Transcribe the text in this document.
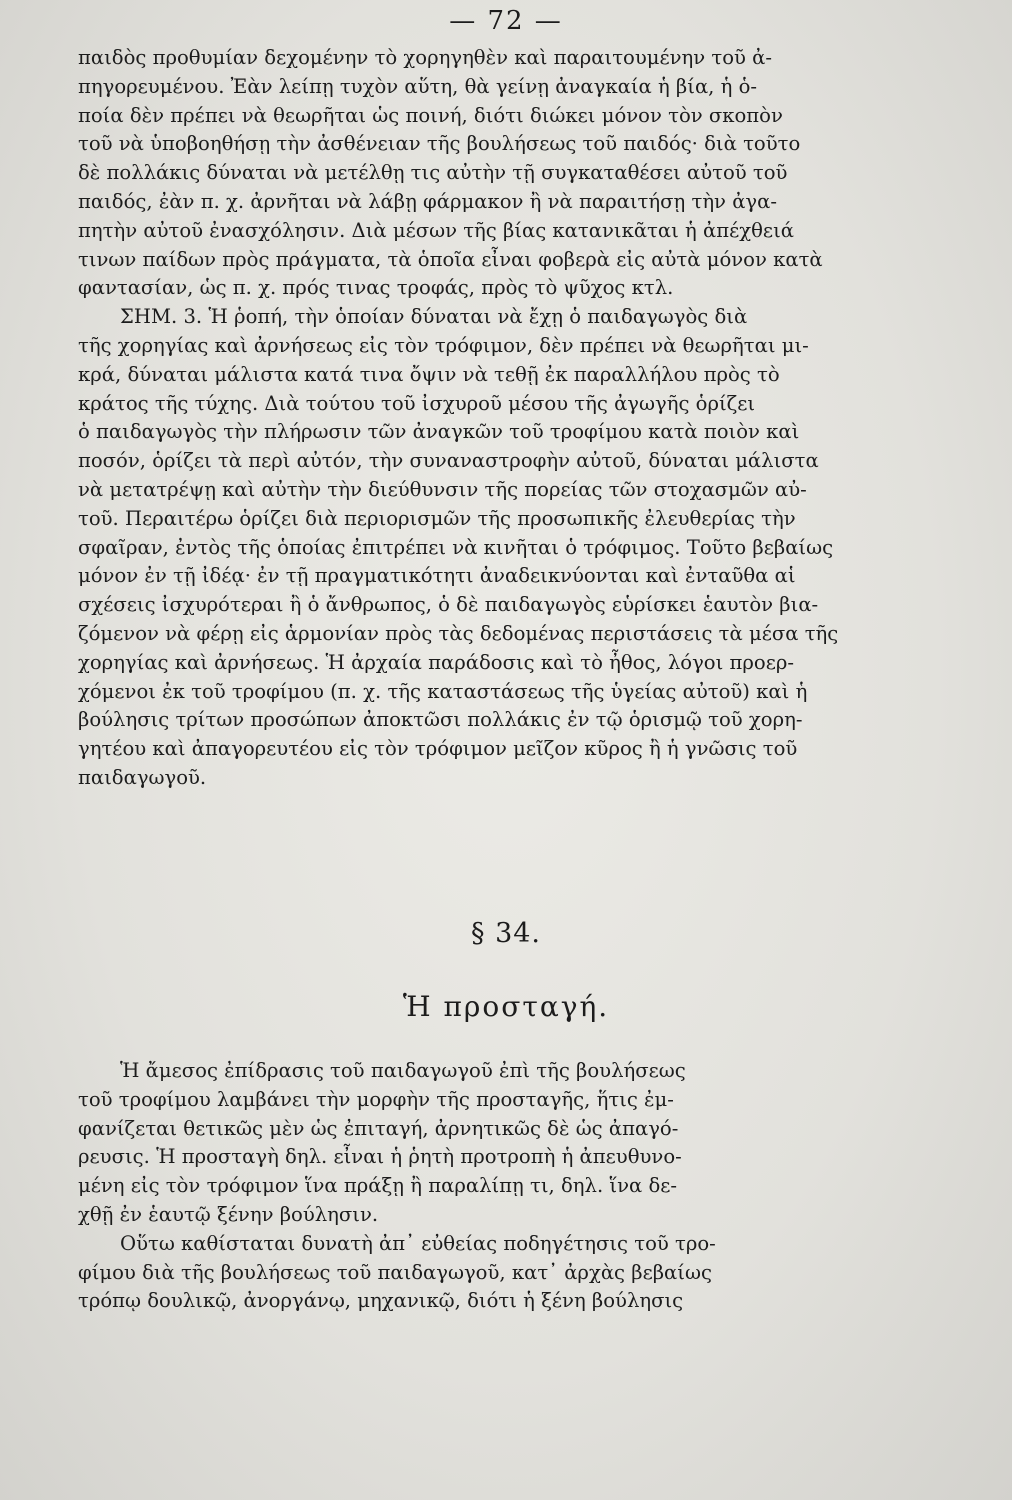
— 72 —
παιδὸς προθυμίαν δεχομένην τὸ χορηγηθὲν καὶ παραιτουμένην τοῦ ἀ-
πηγορευμένου. Ἐὰν λείπῃ τυχὸν αὕτη, θὰ γείνῃ ἀναγκαία ἡ βία, ἡ ὁ-
ποία δὲν πρέπει νὰ θεωρῆται ὡς ποινή, διότι διώκει μόνον τὸν σκοπὸν
τοῦ νὰ ὑποβοηθήσῃ τὴν ἀσθένειαν τῆς βουλήσεως τοῦ παιδός· διὰ τοῦτο
δὲ πολλάκις δύναται νὰ μετέλθῃ τις αὐτὴν τῇ συγκαταθέσει αὐτοῦ τοῦ
παιδός, ἐὰν π. χ. ἀρνῆται νὰ λάβῃ φάρμακον ἢ νὰ παραιτήσῃ τὴν ἀγα-
πητὴν αὐτοῦ ἐνασχόλησιν. Διὰ μέσων τῆς βίας κατανικᾶται ἡ ἀπέχθειά
τινων παίδων πρὸς πράγματα, τὰ ὁποῖα εἶναι φοβερὰ εἰς αὐτὰ μόνον κατὰ
φαντασίαν, ὡς π. χ. πρός τινας τροφάς, πρὸς τὸ ψῦχος κτλ.
ΣΗΜ. 3. Ἡ ῥοπή, τὴν ὁποίαν δύναται νὰ ἔχῃ ὁ παιδαγωγὸς διὰ
τῆς χορηγίας καὶ ἀρνήσεως εἰς τὸν τρόφιμον, δὲν πρέπει νὰ θεωρῆται μι-
κρά, δύναται μάλιστα κατά τινα ὄψιν νὰ τεθῇ ἐκ παραλλήλου πρὸς τὸ
κράτος τῆς τύχης. Διὰ τούτου τοῦ ἰσχυροῦ μέσου τῆς ἀγωγῆς ὁρίζει
ὁ παιδαγωγὸς τὴν πλήρωσιν τῶν ἀναγκῶν τοῦ τροφίμου κατὰ ποιὸν καὶ
ποσόν, ὁρίζει τὰ περὶ αὐτόν, τὴν συναναστροφὴν αὐτοῦ, δύναται μάλιστα
νὰ μετατρέψῃ καὶ αὐτὴν τὴν διεύθυνσιν τῆς πορείας τῶν στοχασμῶν αὐ-
τοῦ. Περαιτέρω ὁρίζει διὰ περιορισμῶν τῆς προσωπικῆς ἐλευθερίας τὴν
σφαῖραν, ἐντὸς τῆς ὁποίας ἐπιτρέπει νὰ κινῆται ὁ τρόφιμος. Τοῦτο βεβαίως
μόνον ἐν τῇ ἰδέᾳ· ἐν τῇ πραγματικότητι ἀναδεικνύονται καὶ ἐνταῦθα αἱ
σχέσεις ἰσχυρότεραι ἢ ὁ ἄνθρωπος, ὁ δὲ παιδαγωγὸς εὑρίσκει ἑαυτὸν βια-
ζόμενον νὰ φέρῃ εἰς ἁρμονίαν πρὸς τὰς δεδομένας περιστάσεις τὰ μέσα τῆς
χορηγίας καὶ ἀρνήσεως. Ἡ ἀρχαία παράδοσις καὶ τὸ ἦθος, λόγοι προερ-
χόμενοι ἐκ τοῦ τροφίμου (π. χ. τῆς καταστάσεως τῆς ὑγείας αὐτοῦ) καὶ ἡ
βούλησις τρίτων προσώπων ἀποκτῶσι πολλάκις ἐν τῷ ὁρισμῷ τοῦ χορη-
γητέου καὶ ἀπαγορευτέου εἰς τὸν τρόφιμον μεῖζον κῦρος ἢ ἡ γνῶσις τοῦ
παιδαγωγοῦ.
§ 34.
Ἡ προσταγή.
Ἡ ἄμεσος ἐπίδρασις τοῦ παιδαγωγοῦ ἐπὶ τῆς βουλήσεως
τοῦ τροφίμου λαμβάνει τὴν μορφὴν τῆς προσταγῆς, ἥτις ἐμ-
φανίζεται θετικῶς μὲν ὡς ἐπιταγή, ἀρνητικῶς δὲ ὡς ἀπαγό-
ρευσις. Ἡ προσταγὴ δηλ. εἶναι ἡ ῥητὴ προτροπὴ ἡ ἀπευθυνο-
μένη εἰς τὸν τρόφιμον ἵνα πράξῃ ἢ παραλίπῃ τι, δηλ. ἵνα δε-
χθῇ ἐν ἑαυτῷ ξένην βούλησιν.
Οὕτω καθίσταται δυνατὴ ἀπ᾽ εὐθείας ποδηγέτησις τοῦ τρο-
φίμου διὰ τῆς βουλήσεως τοῦ παιδαγωγοῦ, κατ᾽ ἀρχὰς βεβαίως
τρόπῳ δουλικῷ, ἀνοργάνῳ, μηχανικῷ, διότι ἡ ξένη βούλησις
